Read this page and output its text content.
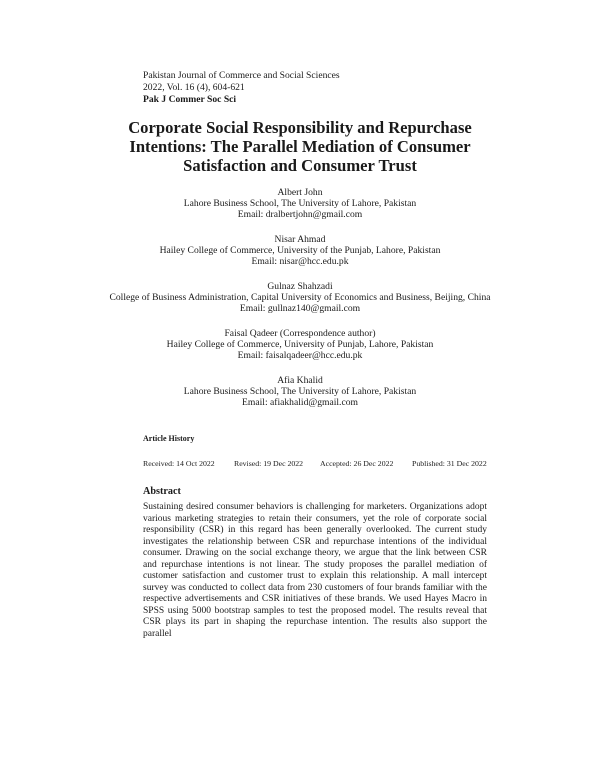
Pakistan Journal of Commerce and Social Sciences
2022, Vol. 16 (4), 604-621
Pak J Commer Soc Sci
Corporate Social Responsibility and Repurchase Intentions: The Parallel Mediation of Consumer Satisfaction and Consumer Trust
Albert John
Lahore Business School, The University of Lahore, Pakistan
Email: dralbertjohn@gmail.com
Nisar Ahmad
Hailey College of Commerce, University of the Punjab, Lahore, Pakistan
Email: nisar@hcc.edu.pk
Gulnaz Shahzadi
College of Business Administration, Capital University of Economics and Business, Beijing, China
Email: gullnaz140@gmail.com
Faisal Qadeer (Correspondence author)
Hailey College of Commerce, University of Punjab, Lahore, Pakistan
Email: faisalqadeer@hcc.edu.pk
Afia Khalid
Lahore Business School, The University of Lahore, Pakistan
Email: afiakhalid@gmail.com
Article History
Received: 14 Oct 2022 Revised: 19 Dec 2022 Accepted: 26 Dec 2022 Published: 31 Dec 2022
Abstract
Sustaining desired consumer behaviors is challenging for marketers. Organizations adopt various marketing strategies to retain their consumers, yet the role of corporate social responsibility (CSR) in this regard has been generally overlooked. The current study investigates the relationship between CSR and repurchase intentions of the individual consumer. Drawing on the social exchange theory, we argue that the link between CSR and repurchase intentions is not linear. The study proposes the parallel mediation of customer satisfaction and customer trust to explain this relationship. A mall intercept survey was conducted to collect data from 230 customers of four brands familiar with the respective advertisements and CSR initiatives of these brands. We used Hayes Macro in SPSS using 5000 bootstrap samples to test the proposed model. The results reveal that CSR plays its part in shaping the repurchase intention. The results also support the parallel
